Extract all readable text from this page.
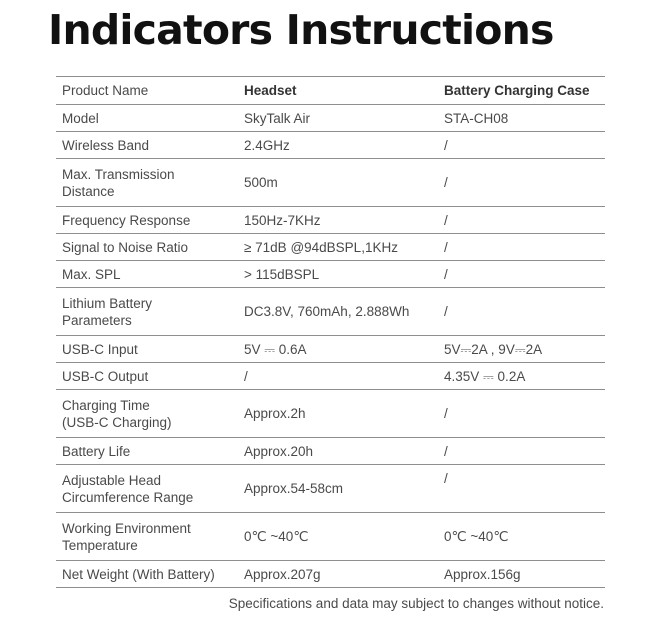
Indicators Instructions
Product Name	Headset	Battery Charging Case
Model	SkyTalk Air	STA-CH08
Wireless Band	2.4GHz	/
Max. Transmission
Distance	500m	/
Frequency Response	150Hz-7KHz	/
Signal to Noise Ratio	≥ 71dB @94dBSPL,1KHz	/
Max. SPL	> 115dBSPL	/
Lithium Battery
Parameters	DC3.8V, 760mAh, 2.888Wh	/
USB-C Input	5V ⎓ 0.6A	5V⎓2A , 9V⎓2A
USB-C Output	/	4.35V ⎓ 0.2A
Charging Time
(USB-C Charging)	Approx.2h	/
Battery Life	Approx.20h	/
Adjustable Head
Circumference Range	Approx.54-58cm	/
Working Environment
Temperature	0℃ ~40℃	0℃ ~40℃
Net Weight (With Battery)	Approx.207g	Approx.156g
Specifications and data may subject to changes without notice.
